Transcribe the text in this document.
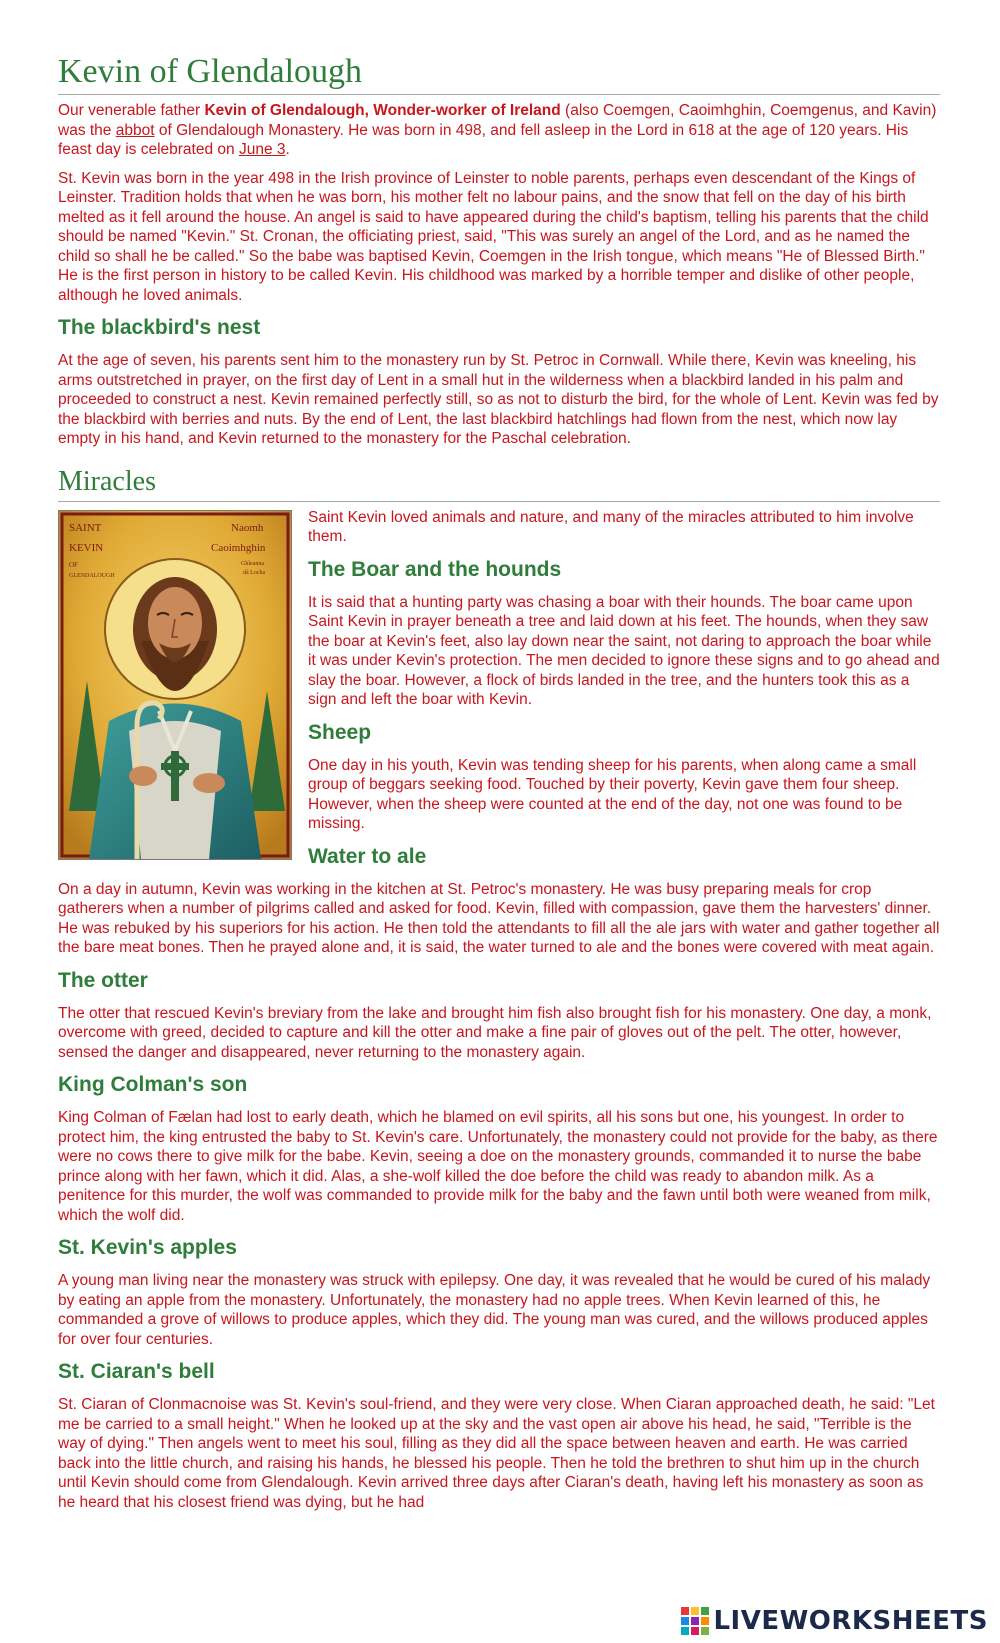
Kevin of Glendalough

Our venerable father Kevin of Glendalough, Wonder-worker of Ireland (also Coemgen, Caoimhghin, Coemgenus, and Kavin) was the abbot of Glendalough Monastery. He was born in 498, and fell asleep in the Lord in 618 at the age of 120 years. His feast day is celebrated on June 3.

St. Kevin was born in the year 498 in the Irish province of Leinster to noble parents, perhaps even descendant of the Kings of Leinster. Tradition holds that when he was born, his mother felt no labour pains, and the snow that fell on the day of his birth melted as it fell around the house. An angel is said to have appeared during the child's baptism, telling his parents that the child should be named "Kevin." St. Cronan, the officiating priest, said, "This was surely an angel of the Lord, and as he named the child so shall he be called." So the babe was baptised Kevin, Coemgen in the Irish tongue, which means "He of Blessed Birth." He is the first person in history to be called Kevin. His childhood was marked by a horrible temper and dislike of other people, although he loved animals.

The blackbird's nest

At the age of seven, his parents sent him to the monastery run by St. Petroc in Cornwall. While there, Kevin was kneeling, his arms outstretched in prayer, on the first day of Lent in a small hut in the wilderness when a blackbird landed in his palm and proceeded to construct a nest. Kevin remained perfectly still, so as not to disturb the bird, for the whole of Lent. Kevin was fed by the blackbird with berries and nuts. By the end of Lent, the last blackbird hatchlings had flown from the nest, which now lay empty in his hand, and Kevin returned to the monastery for the Paschal celebration.

Miracles
SAINT
KEVIN
OF
GLENDALOUGH
Naomh
Caoimhghin
Ghleanna
dá Locha

Saint Kevin loved animals and nature, and many of the miracles attributed to him involve them.

The Boar and the hounds

It is said that a hunting party was chasing a boar with their hounds. The boar came upon Saint Kevin in prayer beneath a tree and laid down at his feet. The hounds, when they saw the boar at Kevin's feet, also lay down near the saint, not daring to approach the boar while it was under Kevin's protection. The men decided to ignore these signs and to go ahead and slay the boar. However, a flock of birds landed in the tree, and the hunters took this as a sign and left the boar with Kevin.

Sheep

One day in his youth, Kevin was tending sheep for his parents, when along came a small group of beggars seeking food. Touched by their poverty, Kevin gave them four sheep. However, when the sheep were counted at the end of the day, not one was found to be missing.

Water to ale

On a day in autumn, Kevin was working in the kitchen at St. Petroc's monastery. He was busy preparing meals for crop gatherers when a number of pilgrims called and asked for food. Kevin, filled with compassion, gave them the harvesters' dinner. He was rebuked by his superiors for his action. He then told the attendants to fill all the ale jars with water and gather together all the bare meat bones. Then he prayed alone and, it is said, the water turned to ale and the bones were covered with meat again.

The otter

The otter that rescued Kevin's breviary from the lake and brought him fish also brought fish for his monastery. One day, a monk, overcome with greed, decided to capture and kill the otter and make a fine pair of gloves out of the pelt. The otter, however, sensed the danger and disappeared, never returning to the monastery again.

King Colman's son

King Colman of Fælan had lost to early death, which he blamed on evil spirits, all his sons but one, his youngest. In order to protect him, the king entrusted the baby to St. Kevin's care. Unfortunately, the monastery could not provide for the baby, as there were no cows there to give milk for the babe. Kevin, seeing a doe on the monastery grounds, commanded it to nurse the babe prince along with her fawn, which it did. Alas, a she-wolf killed the doe before the child was ready to abandon milk. As a penitence for this murder, the wolf was commanded to provide milk for the baby and the fawn until both were weaned from milk, which the wolf did.

St. Kevin's apples

A young man living near the monastery was struck with epilepsy. One day, it was revealed that he would be cured of his malady by eating an apple from the monastery. Unfortunately, the monastery had no apple trees. When Kevin learned of this, he commanded a grove of willows to produce apples, which they did. The young man was cured, and the willows produced apples for over four centuries.

St. Ciaran's bell

St. Ciaran of Clonmacnoise was St. Kevin's soul-friend, and they were very close. When Ciaran approached death, he said: "Let me be carried to a small height." When he looked up at the sky and the vast open air above his head, he said, "Terrible is the way of dying." Then angels went to meet his soul, filling as they did all the space between heaven and earth. He was carried back into the little church, and raising his hands, he blessed his people. Then he told the brethren to shut him up in the church until Kevin should come from Glendalough. Kevin arrived three days after Ciaran's death, having left his monastery as soon as he heard that his closest friend was dying, but he had

LIVEWORKSHEETS
